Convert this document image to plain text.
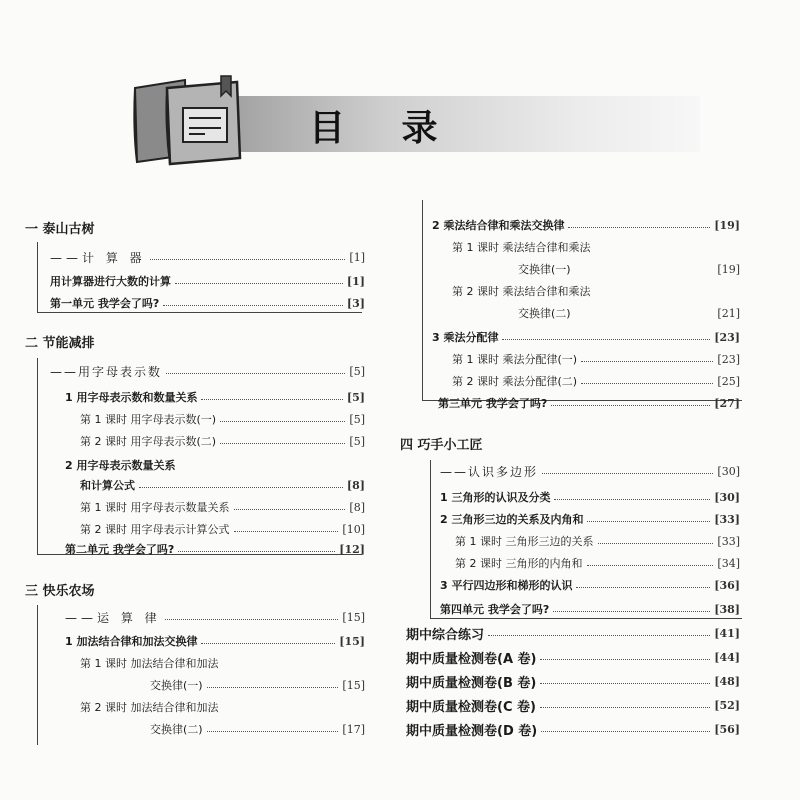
目 录
一 泰山古树
——计 算 器	[1]
用计算器进行大数的计算	[1]
第一单元 我学会了吗?	[3]
二 节能减排
——用字母表示数	[5]
1 用字母表示数和数量关系	[5]
第 1 课时 用字母表示数(一)	[5]
第 2 课时 用字母表示数(二)	[5]
2 用字母表示数量关系
和计算公式	[8]
第 1 课时 用字母表示数量关系	[8]
第 2 课时 用字母表示计算公式	[10]
第二单元 我学会了吗?	[12]
三 快乐农场
——运 算 律	[15]
1 加法结合律和加法交换律	[15]
第 1 课时 加法结合律和加法
交换律(一)	[15]
第 2 课时 加法结合律和加法
交换律(二)	[17]
2 乘法结合律和乘法交换律	[19]
第 1 课时 乘法结合律和乘法
交换律(一)	[19]
第 2 课时 乘法结合律和乘法
交换律(二)	[21]
3 乘法分配律	[23]
第 1 课时 乘法分配律(一)	[23]
第 2 课时 乘法分配律(二)	[25]
第三单元 我学会了吗?	[27]
四 巧手小工匠
——认识多边形	[30]
1 三角形的认识及分类	[30]
2 三角形三边的关系及内角和	[33]
第 1 课时 三角形三边的关系	[33]
第 2 课时 三角形的内角和	[34]
3 平行四边形和梯形的认识	[36]
第四单元 我学会了吗?	[38]
期中综合练习	[41]
期中质量检测卷(A 卷)	[44]
期中质量检测卷(B 卷)	[48]
期中质量检测卷(C 卷)	[52]
期中质量检测卷(D 卷)	[56]
